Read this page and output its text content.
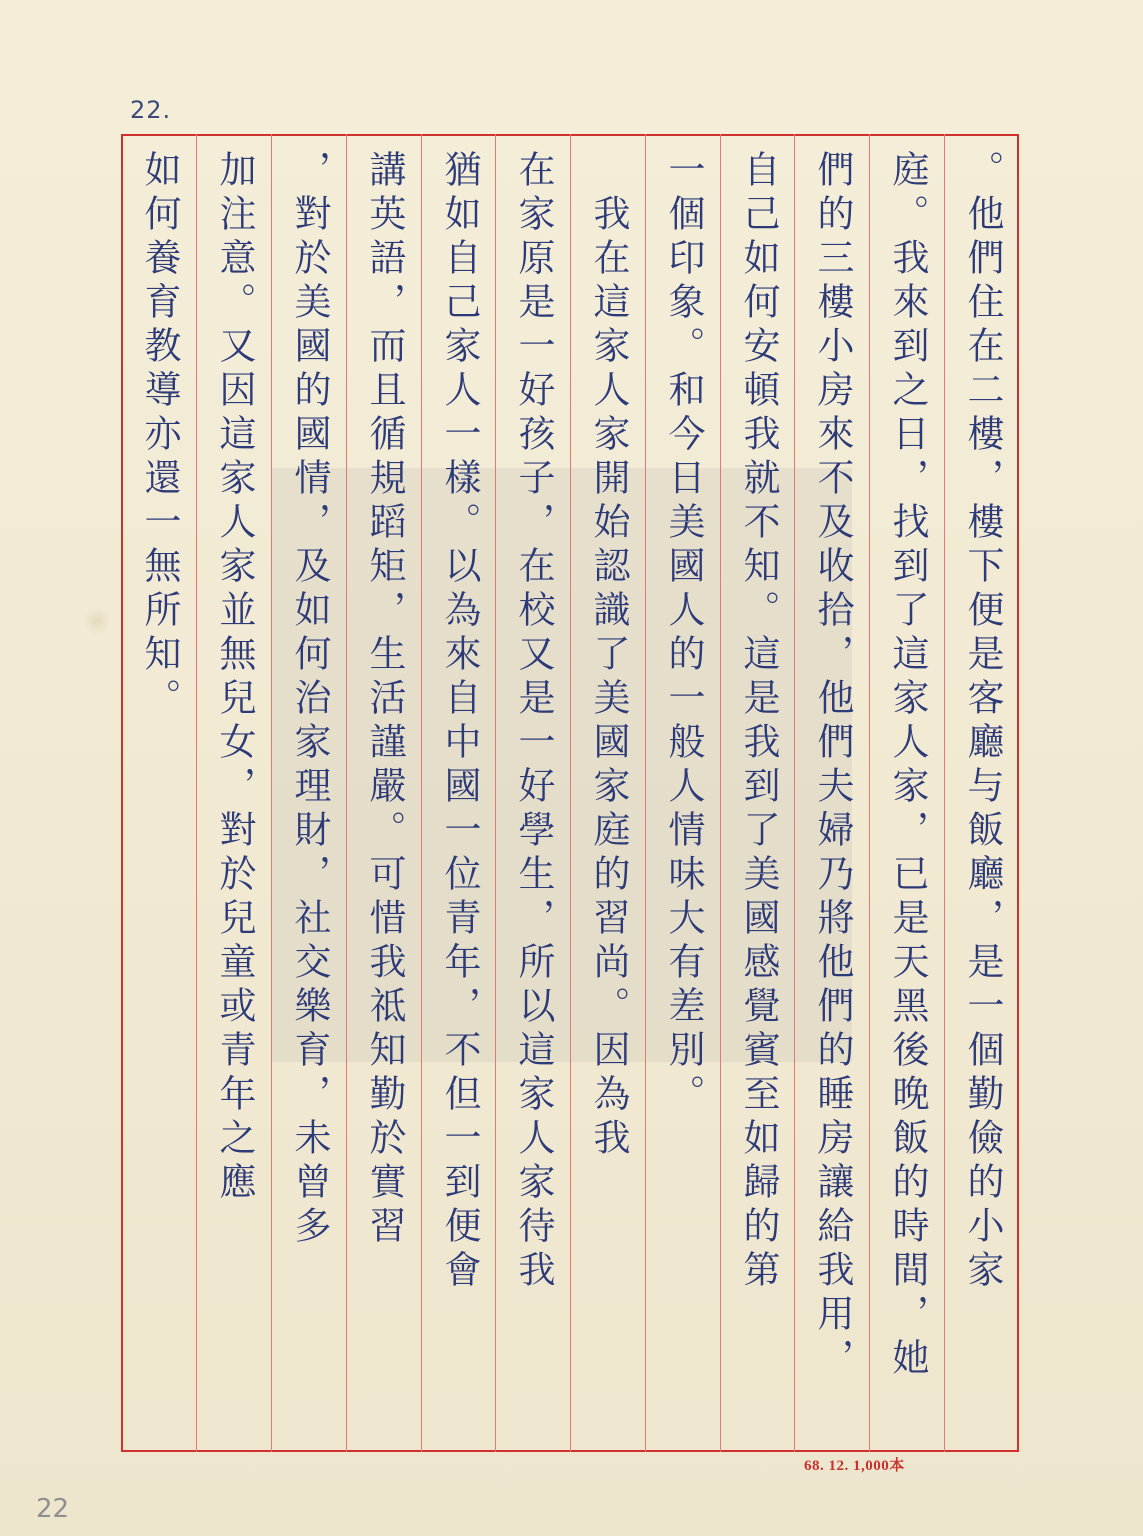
22.
。他們住在二樓，樓下便是客廳与飯廳，是一個勤儉的小家
庭。我來到之日，找到了這家人家，已是天黑後晚飯的時間，她
們的三樓小房來不及收拾，他們夫婦乃將他們的睡房讓給我用，
自己如何安頓我就不知。這是我到了美國感覺賓至如歸的第
一個印象。和今日美國人的一般人情味大有差別。
　我在這家人家開始認識了美國家庭的習尚。因為我
在家原是一好孩子，在校又是一好學生，所以這家人家待我
猶如自己家人一樣。以為來自中國一位青年，不但一到便會
講英語，而且循規蹈矩，生活謹嚴。可惜我祗知勤於實習
，對於美國的國情，及如何治家理財，社交樂育，未曾多
加注意。又因這家人家並無兒女，對於兒童或青年之應
如何養育教導亦還一無所知。
68. 12. 1,000本
22
